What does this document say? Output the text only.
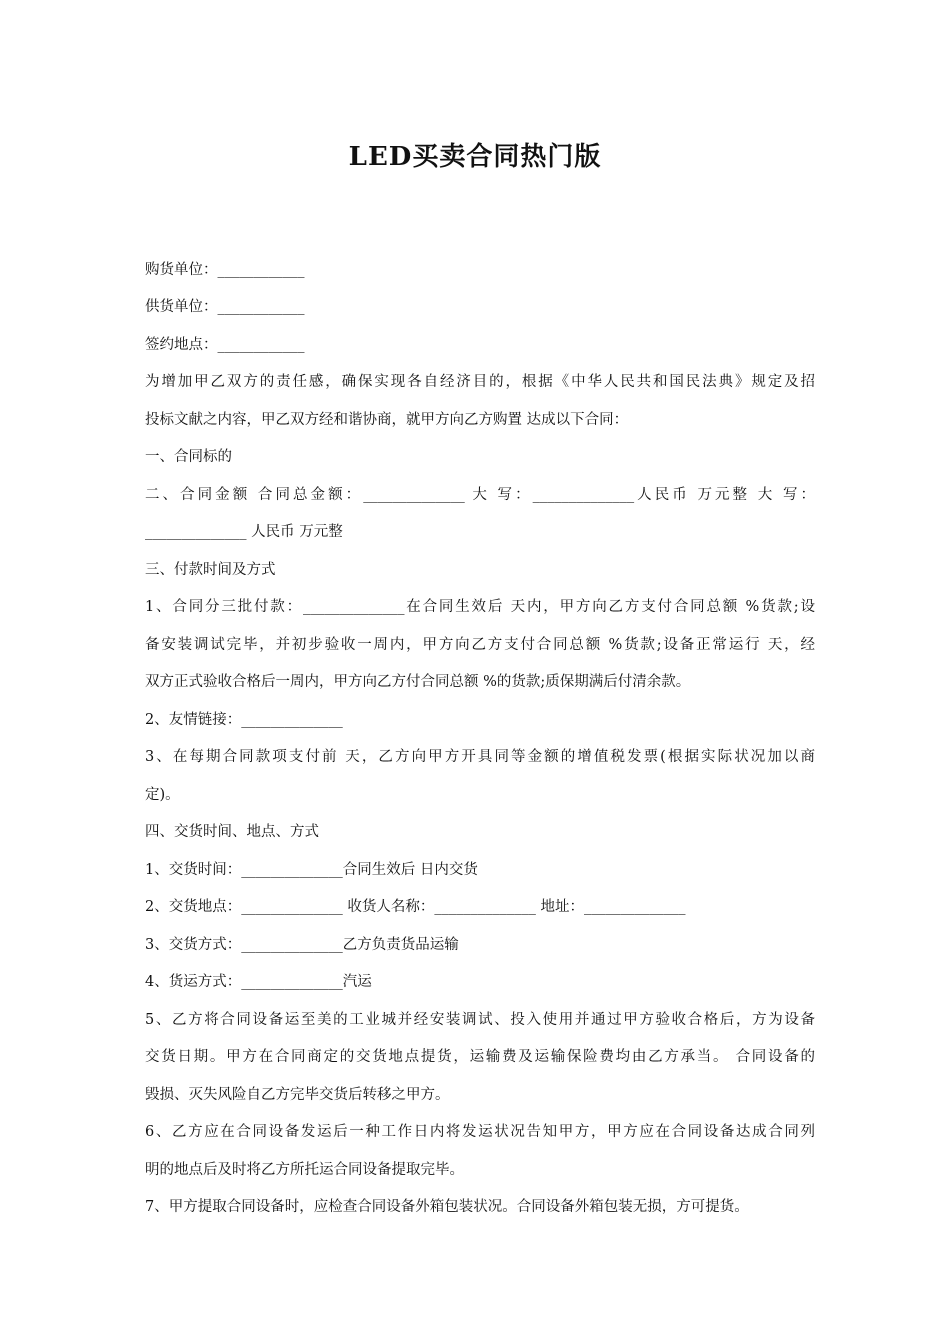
LED买卖合同热门版
购货单位：____________
供货单位：____________
签约地点：____________
为增加甲乙双方的责任感，确保实现各自经济目的，根据《中华人民共和国民法典》规定及招
投标文献之内容，甲乙双方经和谐协商，就甲方向乙方购置 达成以下合同：
一、合同标的
二、合同金额 合同总金额：______________ 大 写：______________人民币 万元整 大 写：
______________ 人民币 万元整
三、付款时间及方式
1、合同分三批付款：______________在合同生效后 天内，甲方向乙方支付合同总额 %货款;设
备安装调试完毕，并初步验收一周内，甲方向乙方支付合同总额 %货款;设备正常运行 天，经
双方正式验收合格后一周内，甲方向乙方付合同总额 %的货款;质保期满后付清余款。
2、友情链接：______________
3、在每期合同款项支付前 天，乙方向甲方开具同等金额的增值税发票(根据实际状况加以商
定)。
四、交货时间、地点、方式
1、交货时间：______________合同生效后 日内交货
2、交货地点：______________ 收货人名称：______________ 地址：______________
3、交货方式：______________乙方负责货品运输
4、货运方式：______________汽运
5、乙方将合同设备运至美的工业城并经安装调试、投入使用并通过甲方验收合格后，方为设备
交货日期。甲方在合同商定的交货地点提货，运输费及运输保险费均由乙方承当。 合同设备的
毁损、灭失风险自乙方完毕交货后转移之甲方。
6、乙方应在合同设备发运后一种工作日内将发运状况告知甲方，甲方应在合同设备达成合同列
明的地点后及时将乙方所托运合同设备提取完毕。
7、甲方提取合同设备时，应检查合同设备外箱包装状况。合同设备外箱包装无损，方可提货。
